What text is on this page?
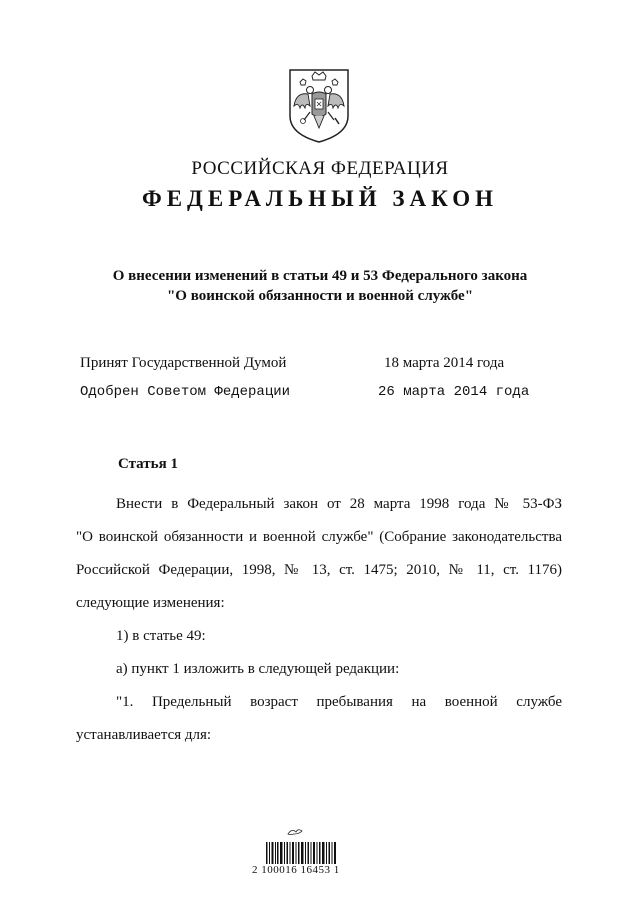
РОССИЙСКАЯ ФЕДЕРАЦИЯ
ФЕДЕРАЛЬНЫЙ ЗАКОН
О внесении изменений в статьи 49 и 53 Федерального закона
"О воинской обязанности и военной службе"
Принят Государственной Думой	18 марта 2014 года
Одобрен Советом Федерации	26 марта 2014 года
Статья 1

Внести в Федеральный закон от 28 марта 1998 года № 53-ФЗ

"О воинской обязанности и военной службе" (Собрание законодательства

Российской Федерации, 1998, № 13, ст. 1475; 2010, № 11, ст. 1176)

следующие изменения:

1) в статье 49:

а) пункт 1 изложить в следующей редакции:

"1. Предельный возраст пребывания на военной службе

устанавливается для:

2 100016 16453 1
